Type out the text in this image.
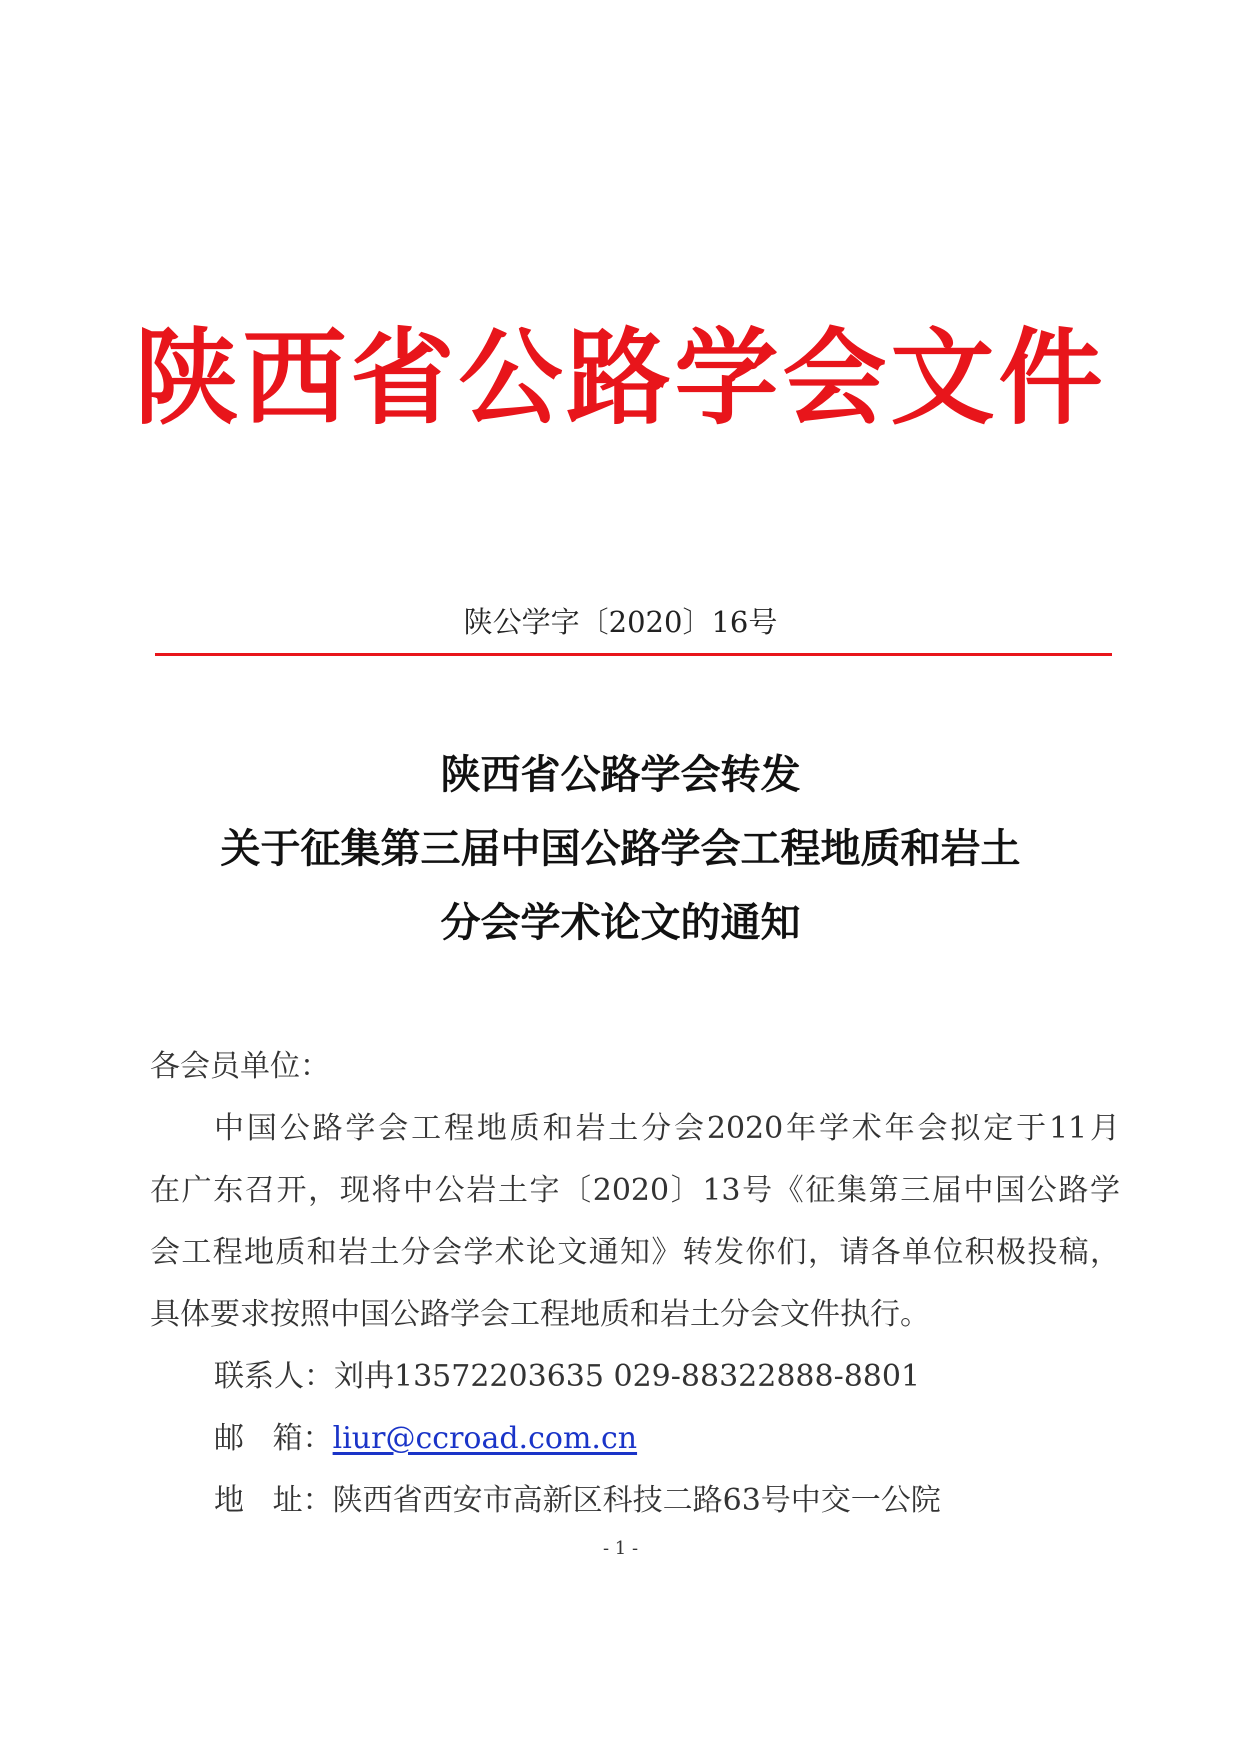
陕西省公路学会文件
陕公学字〔2020〕16号
陕西省公路学会转发
关于征集第三届中国公路学会工程地质和岩土
分会学术论文的通知
各会员单位：
中国公路学会工程地质和岩土分会2020年学术年会拟定于11月
在广东召开，现将中公岩土字〔2020〕13号《征集第三届中国公路学
会工程地质和岩土分会学术论文通知》转发你们，请各单位积极投稿，
具体要求按照中国公路学会工程地质和岩土分会文件执行。
联系人：刘冉13572203635 029-88322888-8801
邮   箱：liur@ccroad.com.cn
地   址：陕西省西安市高新区科技二路63号中交一公院
- 1 -
